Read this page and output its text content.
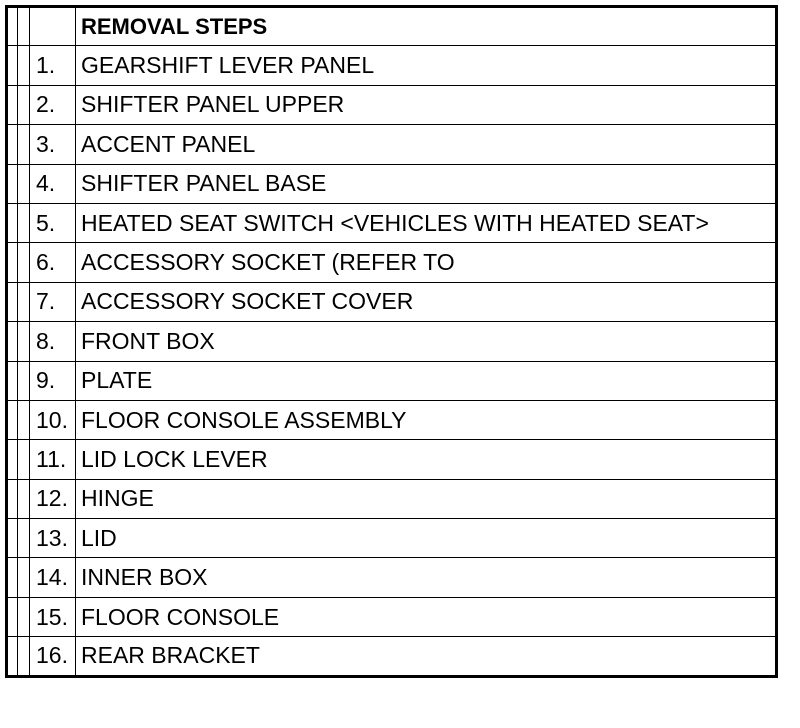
			REMOVAL STEPS
		1.	GEARSHIFT LEVER PANEL
		2.	SHIFTER PANEL UPPER
		3.	ACCENT PANEL
		4.	SHIFTER PANEL BASE
		5.	HEATED SEAT SWITCH <VEHICLES WITH HEATED SEAT>
		6.	ACCESSORY SOCKET (REFER TO
		7.	ACCESSORY SOCKET COVER
		8.	FRONT BOX
		9.	PLATE
		10.	FLOOR CONSOLE ASSEMBLY
		11.	LID LOCK LEVER
		12.	HINGE
		13.	LID
		14.	INNER BOX
		15.	FLOOR CONSOLE
		16.	REAR BRACKET
